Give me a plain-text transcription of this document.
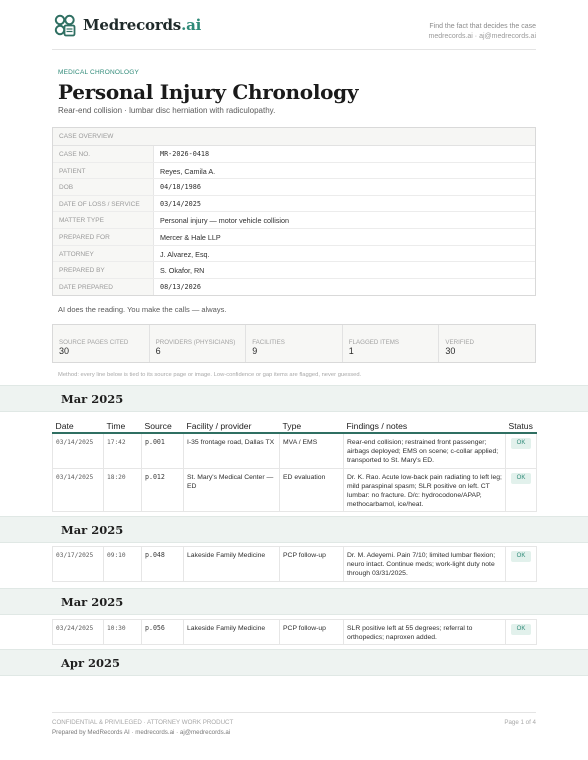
Medrecords.ai	Find the fact that decides the case
medrecords.ai · aj@medrecords.ai
MEDICAL CHRONOLOGY
Personal Injury Chronology
Rear-end collision · lumbar disc herniation with radiculopathy.
CASE OVERVIEW
CASE NO.	MR-2026-0418
PATIENT	Reyes, Camila A.
DOB	04/18/1986
DATE OF LOSS / SERVICE	03/14/2025
MATTER TYPE	Personal injury — motor vehicle collision
PREPARED FOR	Mercer & Hale LLP
ATTORNEY	J. Alvarez, Esq.
PREPARED BY	S. Okafor, RN
DATE PREPARED	08/13/2026
AI does the reading. You make the calls — always.
SOURCE PAGES CITED
30
PROVIDERS (PHYSICIANS)
6
FACILITIES
9
FLAGGED ITEMS
1
VERIFIED
30
Method: every line below is tied to its source page or image. Low-confidence or gap items are flagged, never guessed.
Mar 2025
Date	Time	Source	Facility / provider	Type	Findings / notes	Status
03/14/2025	17:42	p.001	I-35 frontage road, Dallas TX	MVA / EMS	Rear-end collision; restrained front passenger; airbags deployed; EMS on scene; c-collar applied; transported to St. Mary's ED.	OK
03/14/2025	18:20	p.012	St. Mary's Medical Center — ED	ED evaluation	Dr. K. Rao. Acute low-back pain radiating to left leg; mild paraspinal spasm; SLR positive on left. CT lumbar: no fracture. D/c: hydrocodone/APAP, methocarbamol, ice/heat.	OK
Mar 2025
03/17/2025	09:10	p.048	Lakeside Family Medicine	PCP follow-up	Dr. M. Adeyemi. Pain 7/10; limited lumbar flexion; neuro intact. Continue meds; work-light duty note through 03/31/2025.	OK
Mar 2025
03/24/2025	10:30	p.056	Lakeside Family Medicine	PCP follow-up	SLR positive left at 55 degrees; referral to orthopedics; naproxen added.	OK
Apr 2025
CONFIDENTIAL & PRIVILEGED · ATTORNEY WORK PRODUCT
Prepared by MedRecords AI · medrecords.ai · aj@medrecords.ai
Page 1 of 4
